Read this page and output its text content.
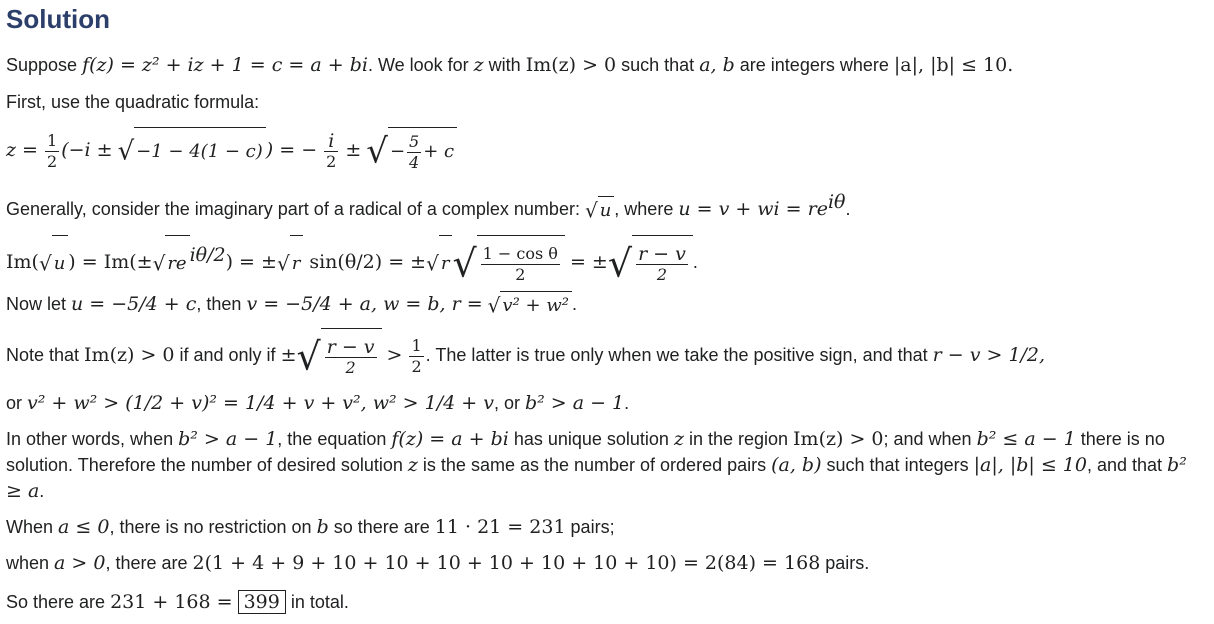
Solution
Suppose f(z) = z² + iz + 1 = c = a + bi. We look for z with Im(z) > 0 such that a, b are integers where |a|, |b| ≤ 10.
First, use the quadratic formula:
$z = \frac{1}{2} (-i$ ± √ −1 − 4(1 − c) ) = − $\frac{i}{2}$ ± √ − $\frac{5}{4} + c$
Generally, consider the imaginary part of a radical of a complex number: √ u , where u = v + wi = $re^{i\theta}$.
Im(√ u ) = Im(±√ re $^{i\theta/2}$) = ±√ r sin(θ/2) = ±√ $r√ \frac{\text{1 − cos θ}}{2}$ = ±√ $\frac{r - v}{2}$ .
Now let u = −5/4 + c, then v = −5/4 + a, w = b, r = √ v² + w² .
Note that Im(z) > 0 if and only if ±√ $\frac{r - v}{2} > \frac{1}{2}$ . The latter is true only when we take the positive sign, and that r − v > 1/2,
or v² + w² > (1/2 + v)² = 1/4 + v + v², w² > 1/4 + v, or b² > a − 1.
In other words, when b² > a − 1, the equation f(z) = a + bi has unique solution z in the region Im(z) > 0; and when b² ≤ a − 1 there is no solution. Therefore the number of desired solution z is the same as the number of ordered pairs (a, b) such that integers |a|, |b| ≤ 10, and that b² ≥ a.
When a ≤ 0, there is no restriction on b so there are 11 · 21 = 231 pairs;
when a > 0, there are 2(1 + 4 + 9 + 10 + 10 + 10 + 10 + 10 + 10 + 10) = 2(84) = 168 pairs.
So there are 231 + 168 = 399 in total.
